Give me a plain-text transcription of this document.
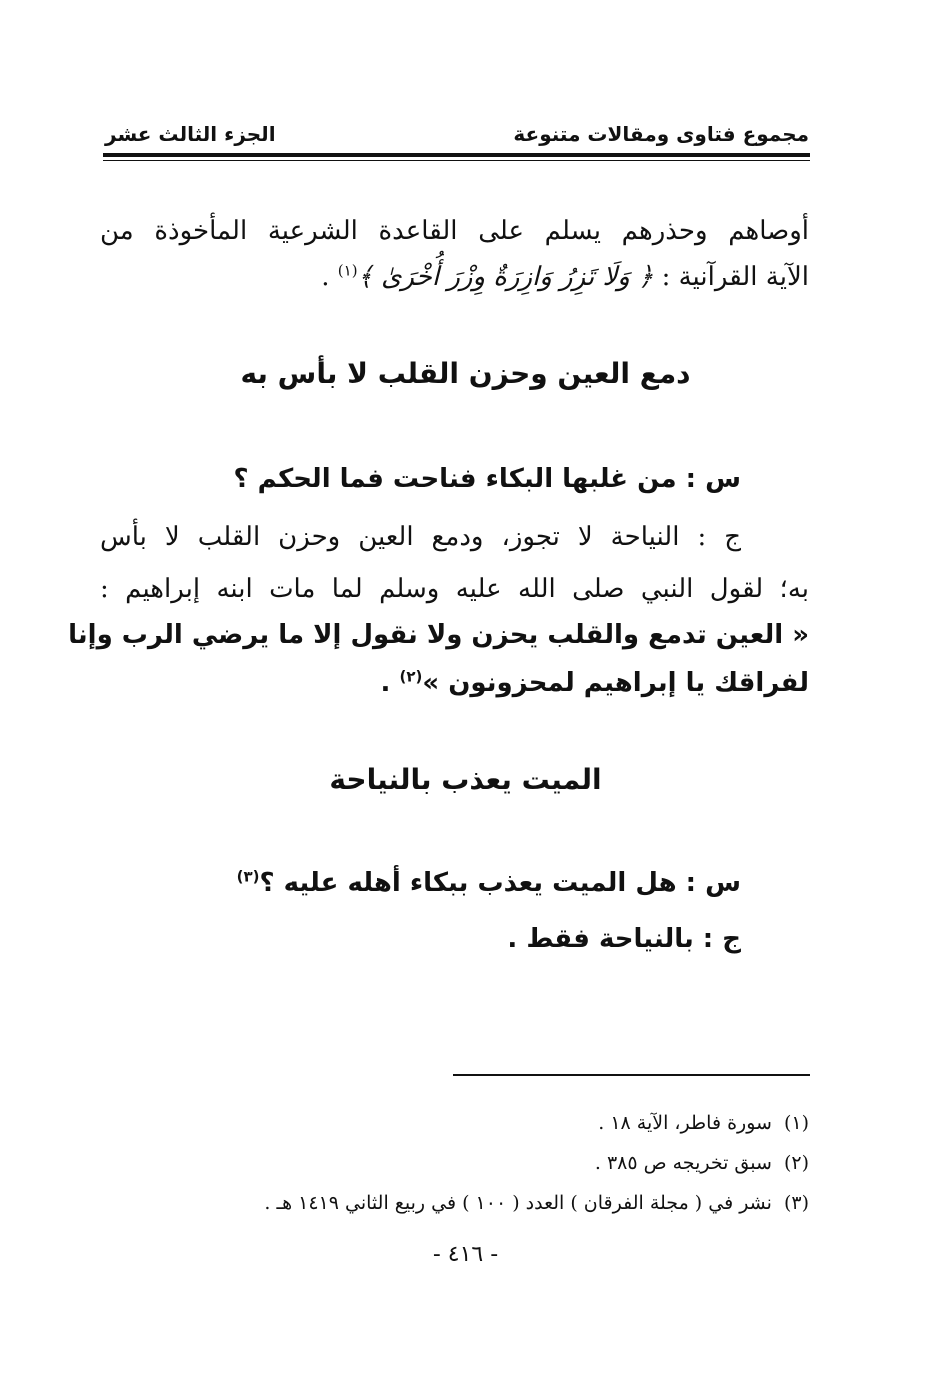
مجموع فتاوى ومقالات متنوعة
الجزء الثالث عشر
أوصاهم وحذرهم يسلم على القاعدة الشرعية المأخوذة من
الآية القرآنية : ﴿ وَلَا تَزِرُ وَازِرَةٌ وِزْرَ أُخْرَىٰ ﴾$^{(١)}$ .
دمع العين وحزن القلب لا بأس به
س : من غلبها البكاء فناحت فما الحكم ؟
ج : النياحة لا تجوز، ودمع العين وحزن القلب لا بأس
به؛ لقول النبي صلى الله عليه وسلم لما مات ابنه إبراهيم :
« العين تدمع والقلب يحزن ولا نقول إلا ما يرضي الرب وإنا
لفراقك يا إبراهيم لمحزونون »$^{(٢)}$ .
الميت يعذب بالنياحة
س : هل الميت يعذب ببكاء أهله عليه ؟$^{(٣)}$
ج : بالنياحة فقط .
(١)سورة فاطر، الآية ١٨ .
(٢)سبق تخريجه ص ٣٨٥ .
(٣)نشر في ( مجلة الفرقان ) العدد ( ١٠٠ ) في ربيع الثاني ١٤١٩ هـ .
- ٤١٦ -
